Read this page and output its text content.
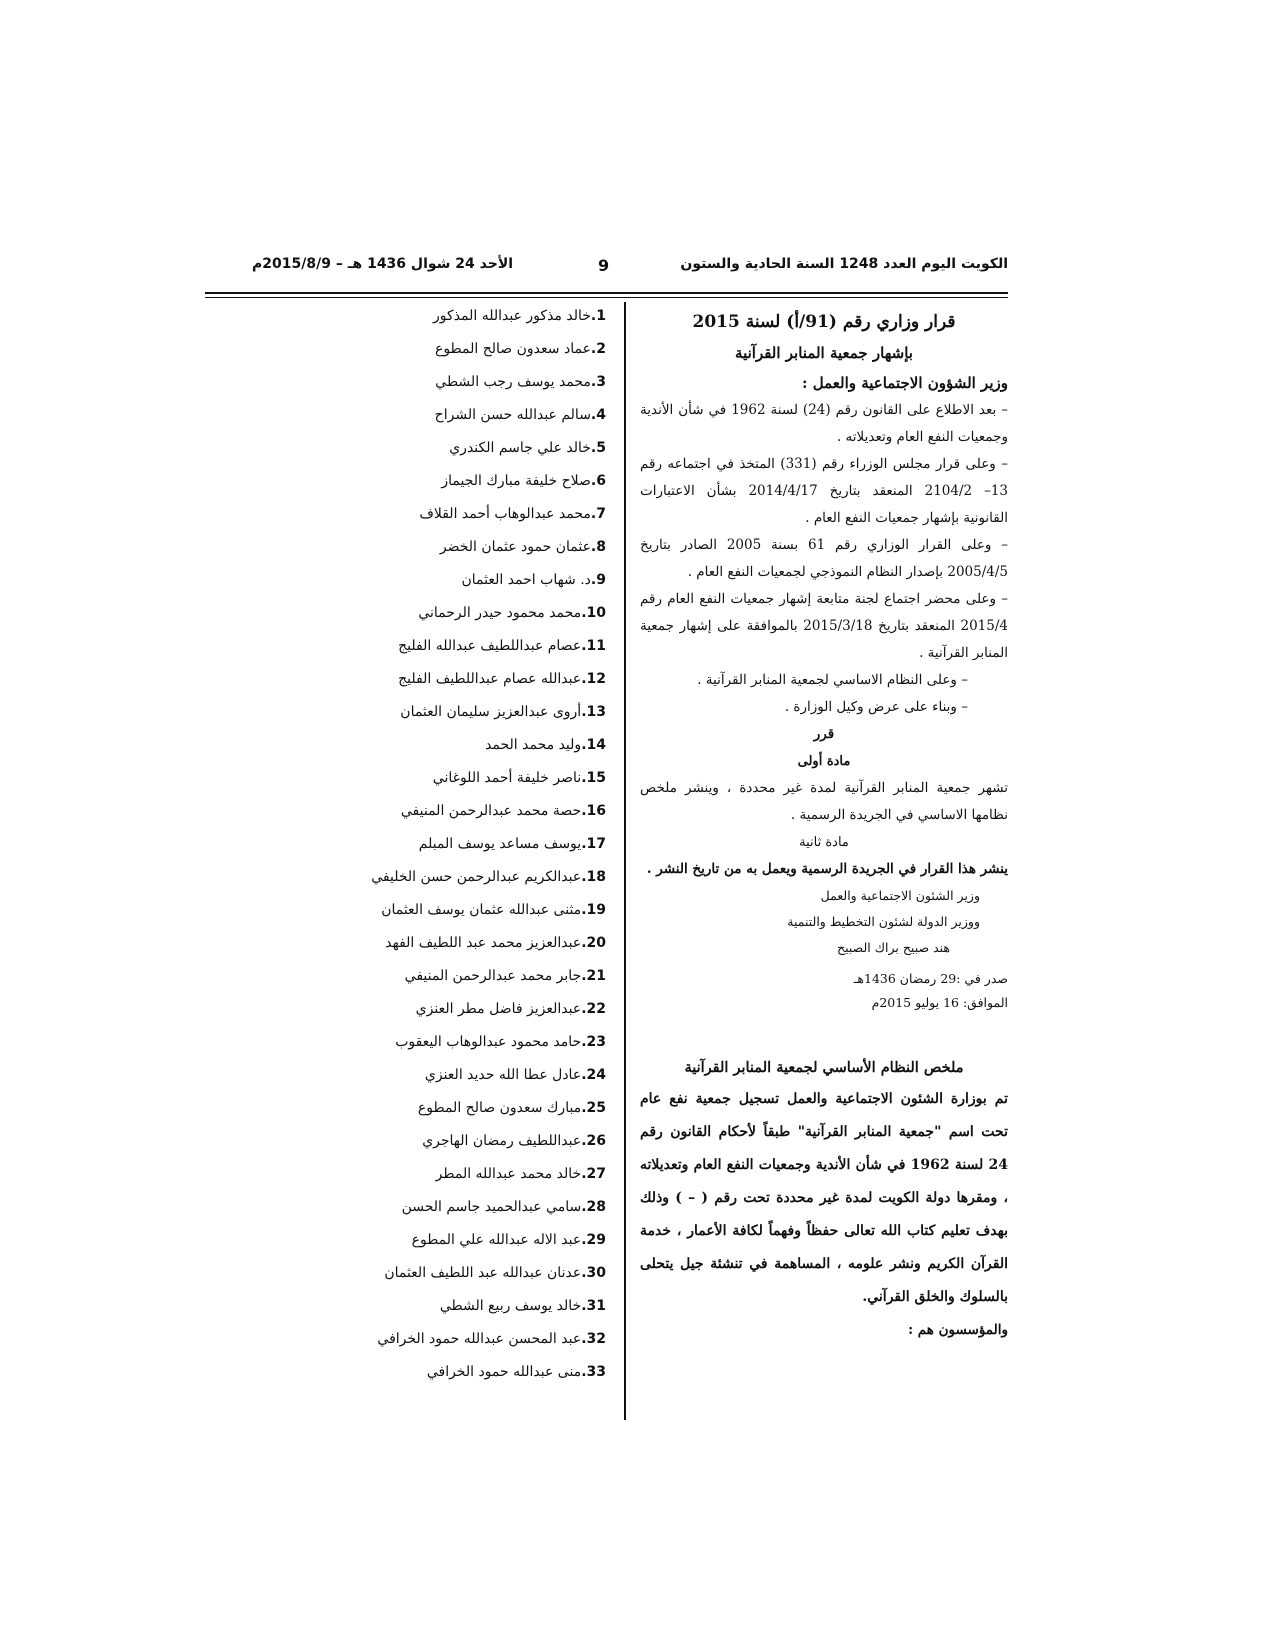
الكويت اليوم العدد 1248 السنة الحادية والستون
9
الأحد 24 شوال 1436 هـ – 2015/8/9م
قرار وزاري رقم (91/أ) لسنة 2015
بإشهار جمعية المنابر القرآنية
وزير الشؤون الاجتماعية والعمل :
– بعد الاطلاع على القانون رقم (24) لسنة 1962 في شأن الأندية وجمعيات النفع العام وتعديلاته .
– وعلى قرار مجلس الوزراء رقم (331) المتخذ في اجتماعه رقم 13– 2104/2 المنعقد بتاريخ 2014/4/17 بشأن الاعتبارات القانونية بإشهار جمعيات النفع العام .
– وعلى القرار الوزاري رقم 61 بسنة 2005 الصادر بتاريخ 2005/4/5 بإصدار النظام النموذجي لجمعيات النفع العام .
– وعلى محضر اجتماع لجنة متابعة إشهار جمعيات النفع العام رقم 2015/4 المنعقد بتاريخ 2015/3/18 بالموافقة على إشهار جمعية المنابر القرآنية .
– وعلى النظام الاساسي لجمعية المنابر القرآنية .
– وبناء على عرض وكيل الوزارة .
قرر
مادة أولى
تشهر جمعية المنابر القرآنية لمدة غير محددة ، وينشر ملخص نظامها الاساسي في الجريدة الرسمية .
مادة ثانية
ينشر هذا القرار في الجريدة الرسمية ويعمل به من تاريخ النشر .
وزير الشئون الاجتماعية والعمل
ووزير الدولة لشئون التخطيط والتنمية
هند صبيح براك الصبيح
صدر في :29 رمضان 1436هـ
الموافق: 16 يوليو 2015م
ملخص النظام الأساسي لجمعية المنابر القرآنية
تم بوزارة الشئون الاجتماعية والعمل تسجيل جمعية نفع عام تحت اسم "جمعية المنابر القرآنية" طبقاً لأحكام القانون رقم 24 لسنة 1962 في شأن الأندية وجمعيات النفع العام وتعديلاته ، ومقرها دولة الكويت لمدة غير محددة تحت رقم ( – ) وذلك بهدف تعليم كتاب الله تعالى حفظاً وفهماً لكافة الأعمار ، خدمة القرآن الكريم ونشر علومه ، المساهمة في تنشئة جيل يتحلى بالسلوك والخلق القرآني.
والمؤسسون هم :
1.خالد مذكور عبدالله المذكور
2.عماد سعدون صالح المطوع
3.محمد يوسف رجب الشطي
4.سالم عبدالله حسن الشراح
5.خالد علي جاسم الكندري
6.صلاح خليفة مبارك الجيماز
7.محمد عبدالوهاب أحمد القلاف
8.عثمان حمود عثمان الخضر
9.د. شهاب احمد العثمان
10.محمد محمود حيدر الرحماني
11.عصام عبداللطيف عبدالله الفليج
12.عبدالله عصام عبداللطيف الفليج
13.أروى عبدالعزيز سليمان العثمان
14.وليد محمد الحمد
15.ناصر خليفة أحمد اللوغاني
16.حصة محمد عبدالرحمن المنيفي
17.يوسف مساعد يوسف المبلم
18.عبدالكريم عبدالرحمن حسن الخليفي
19.مثنى عبدالله عثمان يوسف العثمان
20.عبدالعزيز محمد عبد اللطيف الفهد
21.جابر محمد عبدالرحمن المنيفي
22.عبدالعزيز فاضل مطر العنزي
23.حامد محمود عبدالوهاب اليعقوب
24.عادل عطا الله حديد العنزي
25.مبارك سعدون صالح المطوع
26.عبداللطيف رمضان الهاجري
27.خالد محمد عبدالله المطر
28.سامي عبدالحميد جاسم الحسن
29.عبد الاله عبدالله علي المطوع
30.عدنان عبدالله عبد اللطيف العثمان
31.خالد يوسف ربيع الشطي
32.عبد المحسن عبدالله حمود الخرافي
33.منى عبدالله حمود الخرافي
